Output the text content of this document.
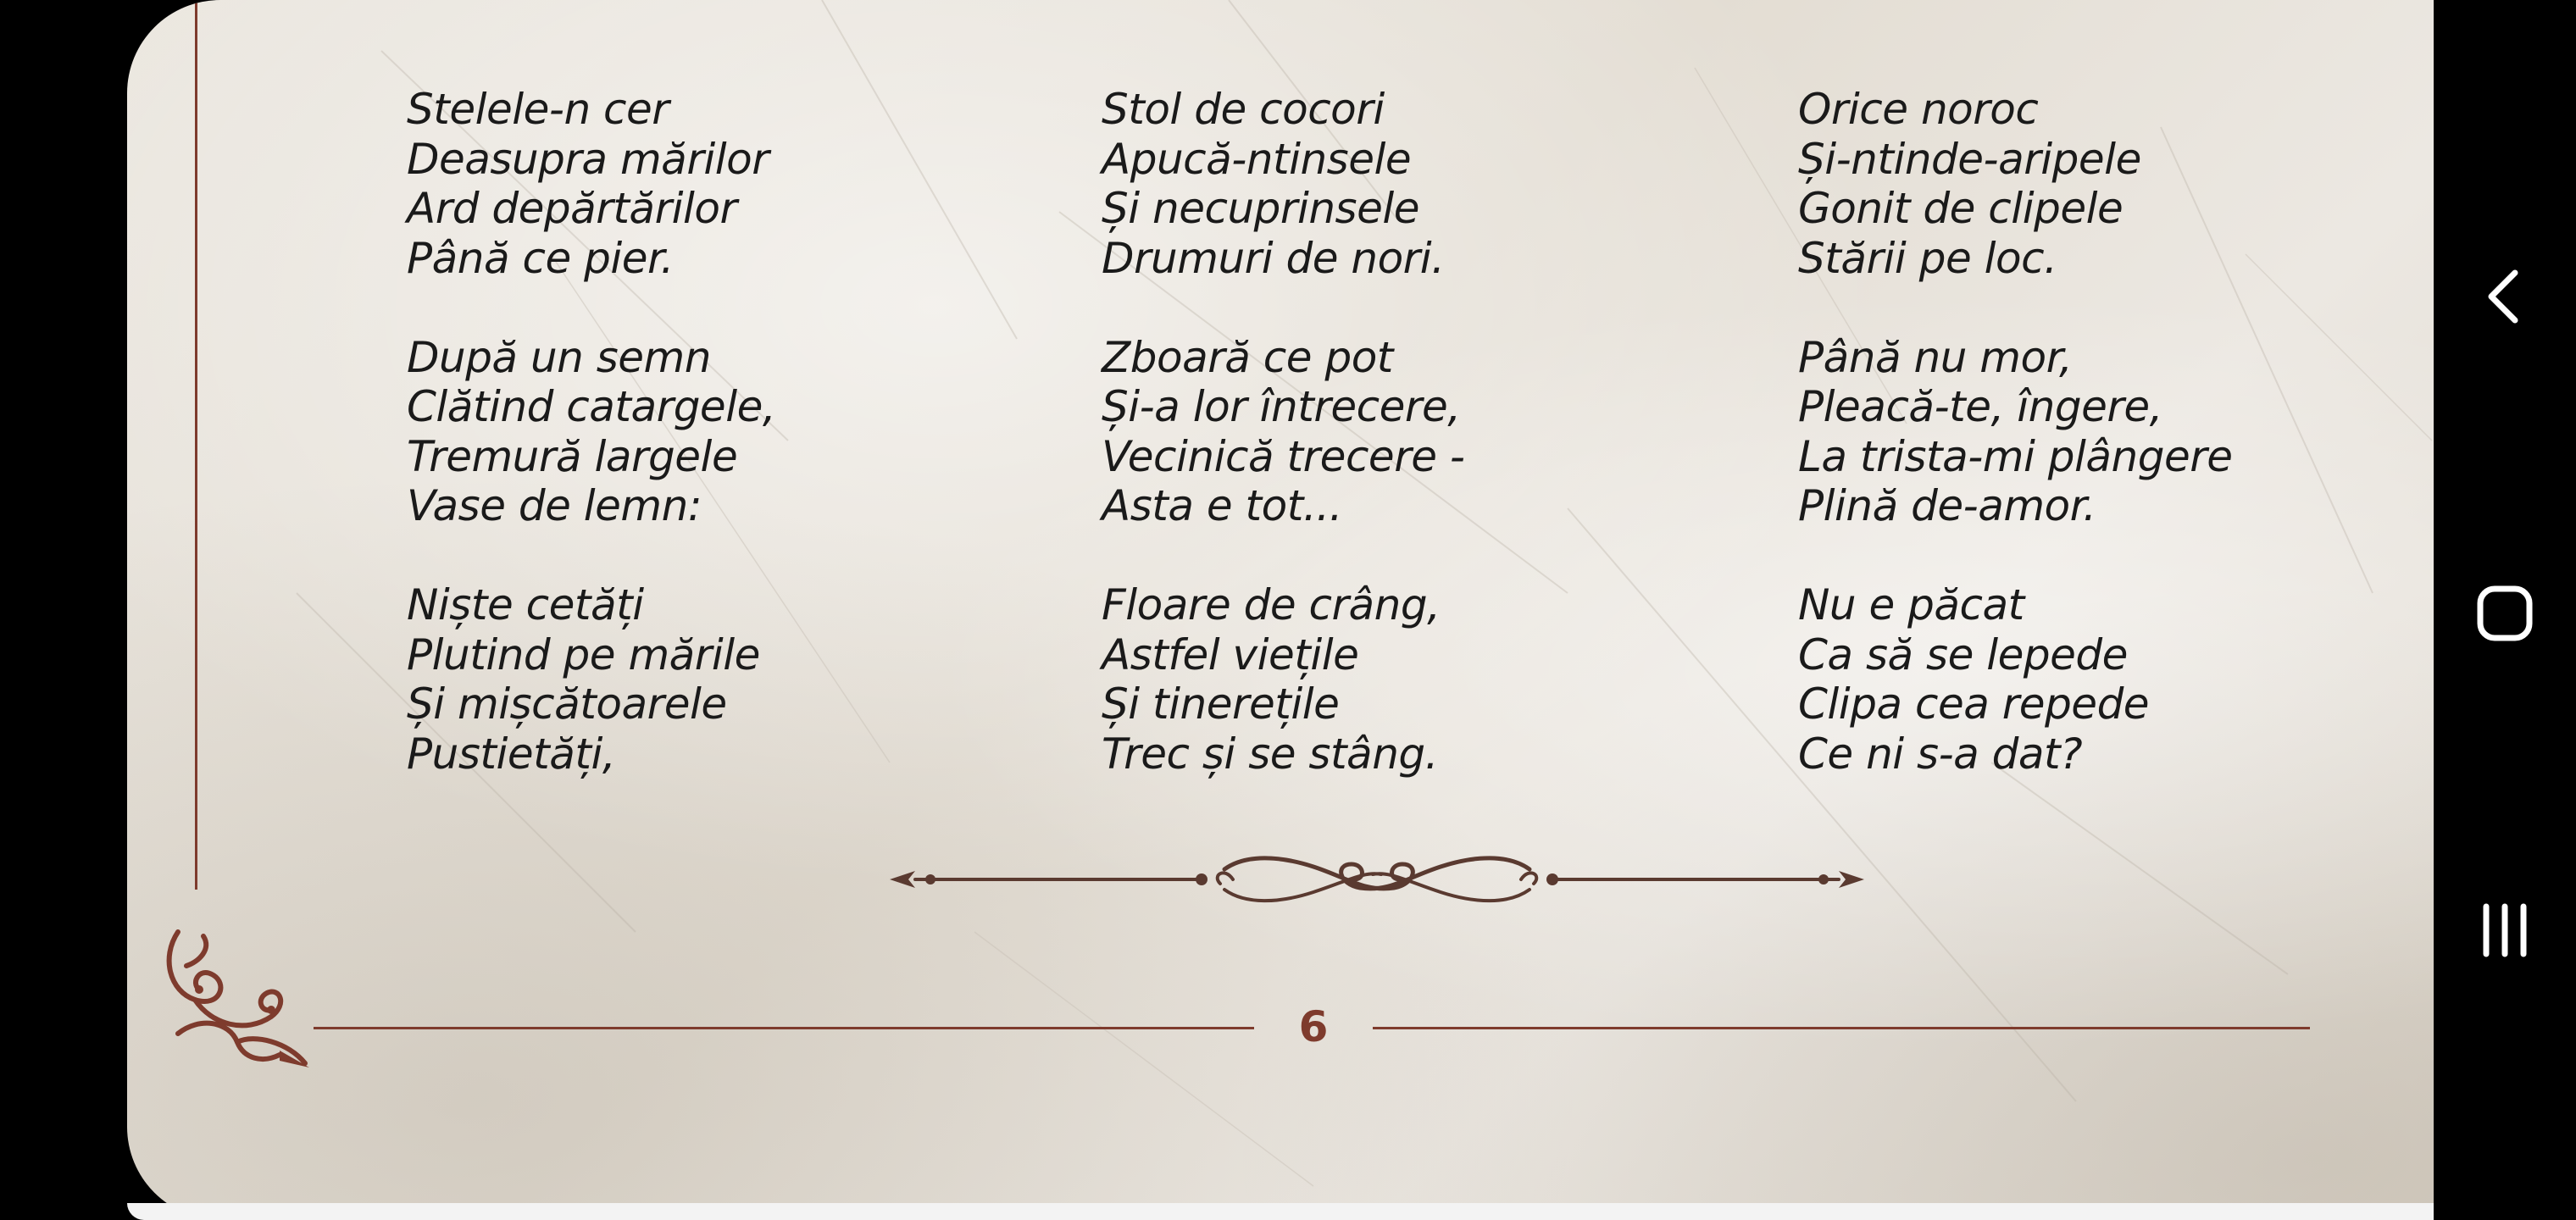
Stelele-n cer
Deasupra mărilor
Ard depărtărilor
Până ce pier.
După un semn
Clătind catargele,
Tremură largele
Vase de lemn:
Niște cetăți
Plutind pe mările
Și mișcătoarele
Pustietăți,
Stol de cocori
Apucă-ntinsele
Și necuprinsele
Drumuri de nori.
Zboară ce pot
Și-a lor întrecere,
Vecinică trecere -
Asta e tot...
Floare de crâng,
Astfel viețile
Și tinerețile
Trec și se stâng.
Orice noroc
Și-ntinde-aripele
Gonit de clipele
Stării pe loc.
Până nu mor,
Pleacă-te, îngere,
La trista-mi plângere
Plină de-amor.
Nu e păcat
Ca să se lepede
Clipa cea repede
Ce ni s-a dat?
6
